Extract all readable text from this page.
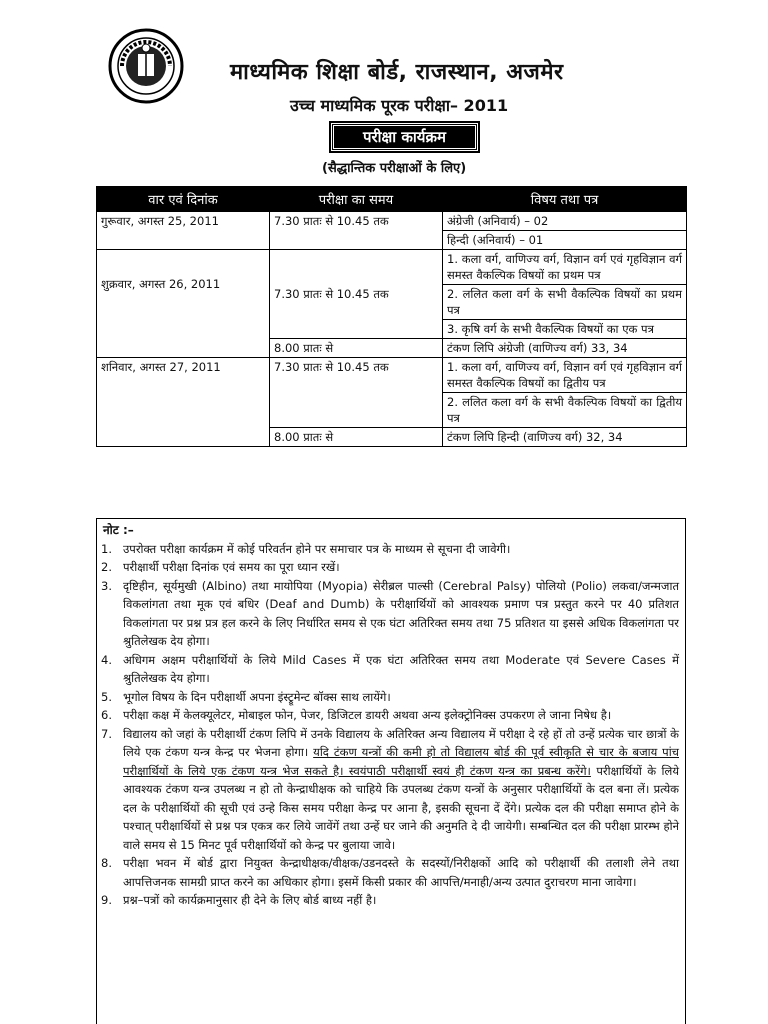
माध्यमिक शिक्षा बोर्ड, राजस्थान, अजमेर
उच्च माध्यमिक पूरक परीक्षा– 2011
परीक्षा कार्यक्रम
(सैद्धान्तिक परीक्षाओं के लिए)
वार एवं दिनांक	परीक्षा का समय	विषय तथा पत्र
गुरूवार, अगस्त 25, 2011	7.30 प्रातः से 10.45 तक	अंग्रेजी (अनिवार्य) – 02
		हिन्दी (अनिवार्य) – 01
शुक्रवार, अगस्त 26, 2011	7.30 प्रातः से 10.45 तक	1. कला वर्ग, वाणिज्य वर्ग, विज्ञान वर्ग एवं गृहविज्ञान वर्ग समस्त वैकल्पिक विषयों का प्रथम पत्र
		2. ललित कला वर्ग के सभी वैकल्पिक विषयों का प्रथम पत्र
		3. कृषि वर्ग के सभी वैकल्पिक विषयों का एक पत्र
	8.00 प्रातः से	टंकण लिपि अंग्रेजी (वाणिज्य वर्ग) 33, 34
शनिवार, अगस्त 27, 2011	7.30 प्रातः से 10.45 तक	1. कला वर्ग, वाणिज्य वर्ग, विज्ञान वर्ग एवं गृहविज्ञान वर्ग समस्त वैकल्पिक विषयों का द्वितीय पत्र
		2. ललित कला वर्ग के सभी वैकल्पिक विषयों का द्वितीय पत्र
	8.00 प्रातः से	टंकण लिपि हिन्दी (वाणिज्य वर्ग) 32, 34
नोट :–
1. उपरोक्त परीक्षा कार्यक्रम में कोई परिवर्तन होने पर समाचार पत्र के माध्यम से सूचना दी जावेगी।
2. परीक्षार्थी परीक्षा दिनांक एवं समय का पूरा ध्यान रखें।
3. दृष्टिहीन, सूर्यमुखी (Albino) तथा मायोपिया (Myopia) सेरीब्रल पाल्सी (Cerebral Palsy) पोलियो (Polio) लकवा/जन्मजात विकलांगता तथा मूक एवं बधिर (Deaf and Dumb) के परीक्षार्थियों को आवश्यक प्रमाण पत्र प्रस्तुत करने पर 40 प्रतिशत विकलांगता पर प्रश्न प्रत्र हल करने के लिए निर्धारित समय से एक घंटा अतिरिक्त समय तथा 75 प्रतिशत या इससे अधिक विकलांगता पर श्रुतिलेखक देय होगा।
4. अधिगम अक्षम परीक्षार्थियों के लिये Mild Cases में एक घंटा अतिरिक्त समय तथा Moderate एवं Severe Cases में श्रुतिलेखक देय होगा।
5. भूगोल विषय के दिन परीक्षार्थी अपना इंस्ट्रूमेन्ट बॉक्स साथ लायेंगे।
6. परीक्षा कक्ष में केलक्यूलेटर, मोबाइल फोन, पेजर, डिजिटल डायरी अथवा अन्य इलेक्ट्रोनिक्स उपकरण ले जाना निषेध है।
7. विद्यालय को जहां के परीक्षार्थी टंकण लिपि में उनके विद्यालय के अतिरिक्त अन्य विद्यालय में परीक्षा दे रहे हों तो उन्हें प्रत्येक चार छात्रों के लिये एक टंकण यन्त्र केन्द्र पर भेजना होगा। यदि टंकण यन्त्रों की कमी हो तो विद्यालय बोर्ड की पूर्व स्वीकृति से चार के बजाय पांच परीक्षार्थियों के लिये एक टंकण यन्त्र भेज सकते है। स्वयंपाठी परीक्षार्थी स्वयं ही टंकण यन्त्र का प्रबन्ध करेंगे। परीक्षार्थियों के लिये आवश्यक टंकण यन्त्र उपलब्ध न हो तो केन्द्राधीक्षक को चाहिये कि उपलब्ध टंकण यन्त्रों के अनुसार परीक्षार्थियों के दल बना लें। प्रत्येक दल के परीक्षार्थियों की सूची एवं उन्हे किस समय परीक्षा केन्द्र पर आना है, इसकी सूचना दें देंगे। प्रत्येक दल की परीक्षा समाप्त होने के पश्चात् परीक्षार्थियों से प्रश्न पत्र एकत्र कर लिये जावेंगें तथा उन्हें घर जाने की अनुमति दे दी जायेगी। सम्बन्धित दल की परीक्षा प्रारम्भ होने वाले समय से 15 मिनट पूर्व परीक्षार्थियों को केन्द्र पर बुलाया जावे।
8. परीक्षा भवन में बोर्ड द्वारा नियुक्त केन्द्राधीक्षक/वीक्षक/उडनदस्ते के सदस्यों/निरीक्षकों आदि को परीक्षार्थी की तलाशी लेने तथा आपत्तिजनक सामग्री प्राप्त करने का अधिकार होगा। इसमें किसी प्रकार की आपत्ति/मनाही/अन्य उत्पात दुराचरण माना जावेगा।
9. प्रश्न–पत्रों को कार्यक्रमानुसार ही देने के लिए बोर्ड बाध्य नहीं है।
